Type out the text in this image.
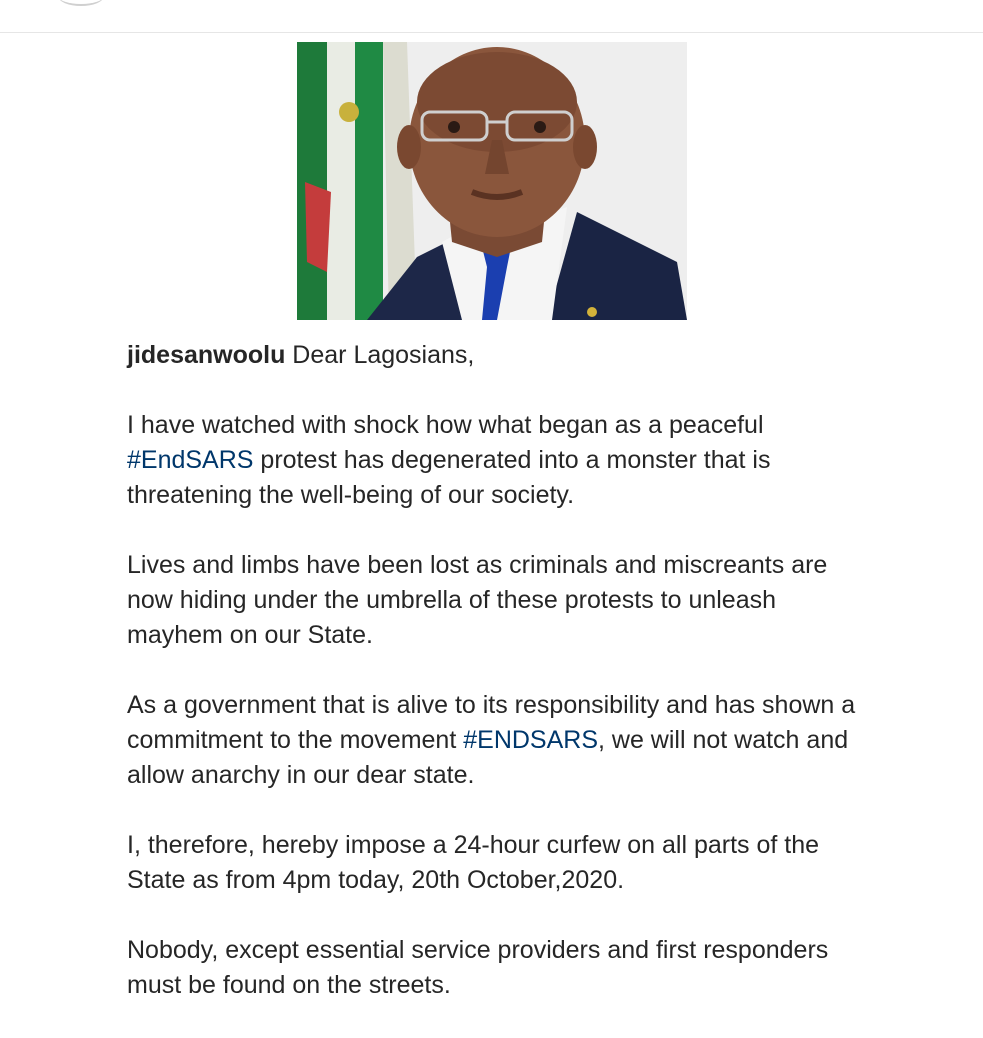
jidesanwoolu Dear Lagosians,

I have watched with shock how what began as a peaceful #EndSARS protest has degenerated into a monster that is threatening the well-being of our society.

Lives and limbs have been lost as criminals and miscreants are now hiding under the umbrella of these protests to unleash mayhem on our State.

As a government that is alive to its responsibility and has shown a commitment to the movement #ENDSARS, we will not watch and allow anarchy in our dear state.

I, therefore, hereby impose a 24-hour curfew on all parts of the State as from 4pm today, 20th October,2020.

Nobody, except essential service providers and first responders must be found on the streets.
